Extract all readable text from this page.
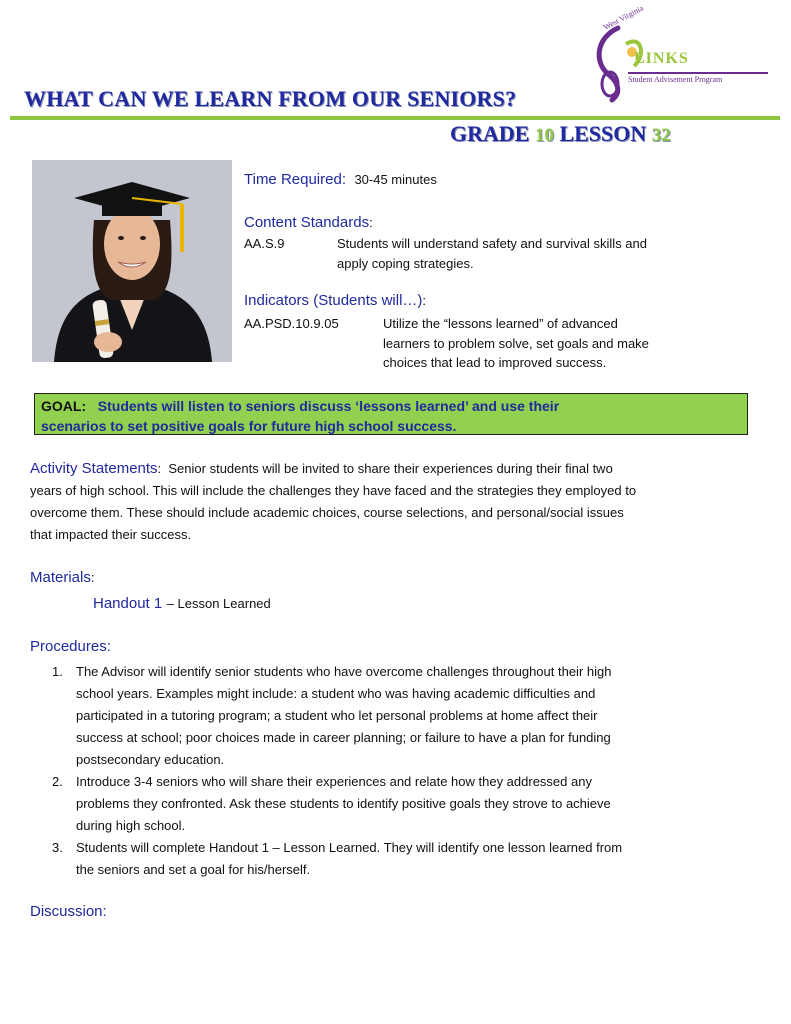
West Virginia
LINKS
Student Advisement Program
WHAT CAN WE LEARN FROM OUR SENIORS?
GRADE 10 LESSON 32
Time Required: 30-45 minutes
Content Standards:
AA.S.9	Students will understand safety and survival skills and
apply coping strategies.
Indicators (Students will…):
AA.PSD.10.9.05	Utilize the “lessons learned” of advanced
learners to problem solve, set goals and make
choices that lead to improved success.
GOAL: Students will listen to seniors discuss ‘lessons learned’ and use their
scenarios to set positive goals for future high school success.
Activity Statements:  Senior students will be invited to share their experiences during their final two
years of high school. This will include the challenges they have faced and the strategies they employed to
overcome them. These should include academic choices, course selections, and personal/social issues
that impacted their success.
Materials:
Handout 1 – Lesson Learned
Procedures:
1. The Advisor will identify senior students who have overcome challenges throughout their high
school years. Examples might include: a student who was having academic difficulties and
participated in a tutoring program; a student who let personal problems at home affect their
success at school; poor choices made in career planning; or failure to have a plan for funding
postsecondary education.
2. Introduce 3-4 seniors who will share their experiences and relate how they addressed any
problems they confronted. Ask these students to identify positive goals they strove to achieve
during high school.
3. Students will complete Handout 1 – Lesson Learned. They will identify one lesson learned from
the seniors and set a goal for his/herself.
Discussion:
